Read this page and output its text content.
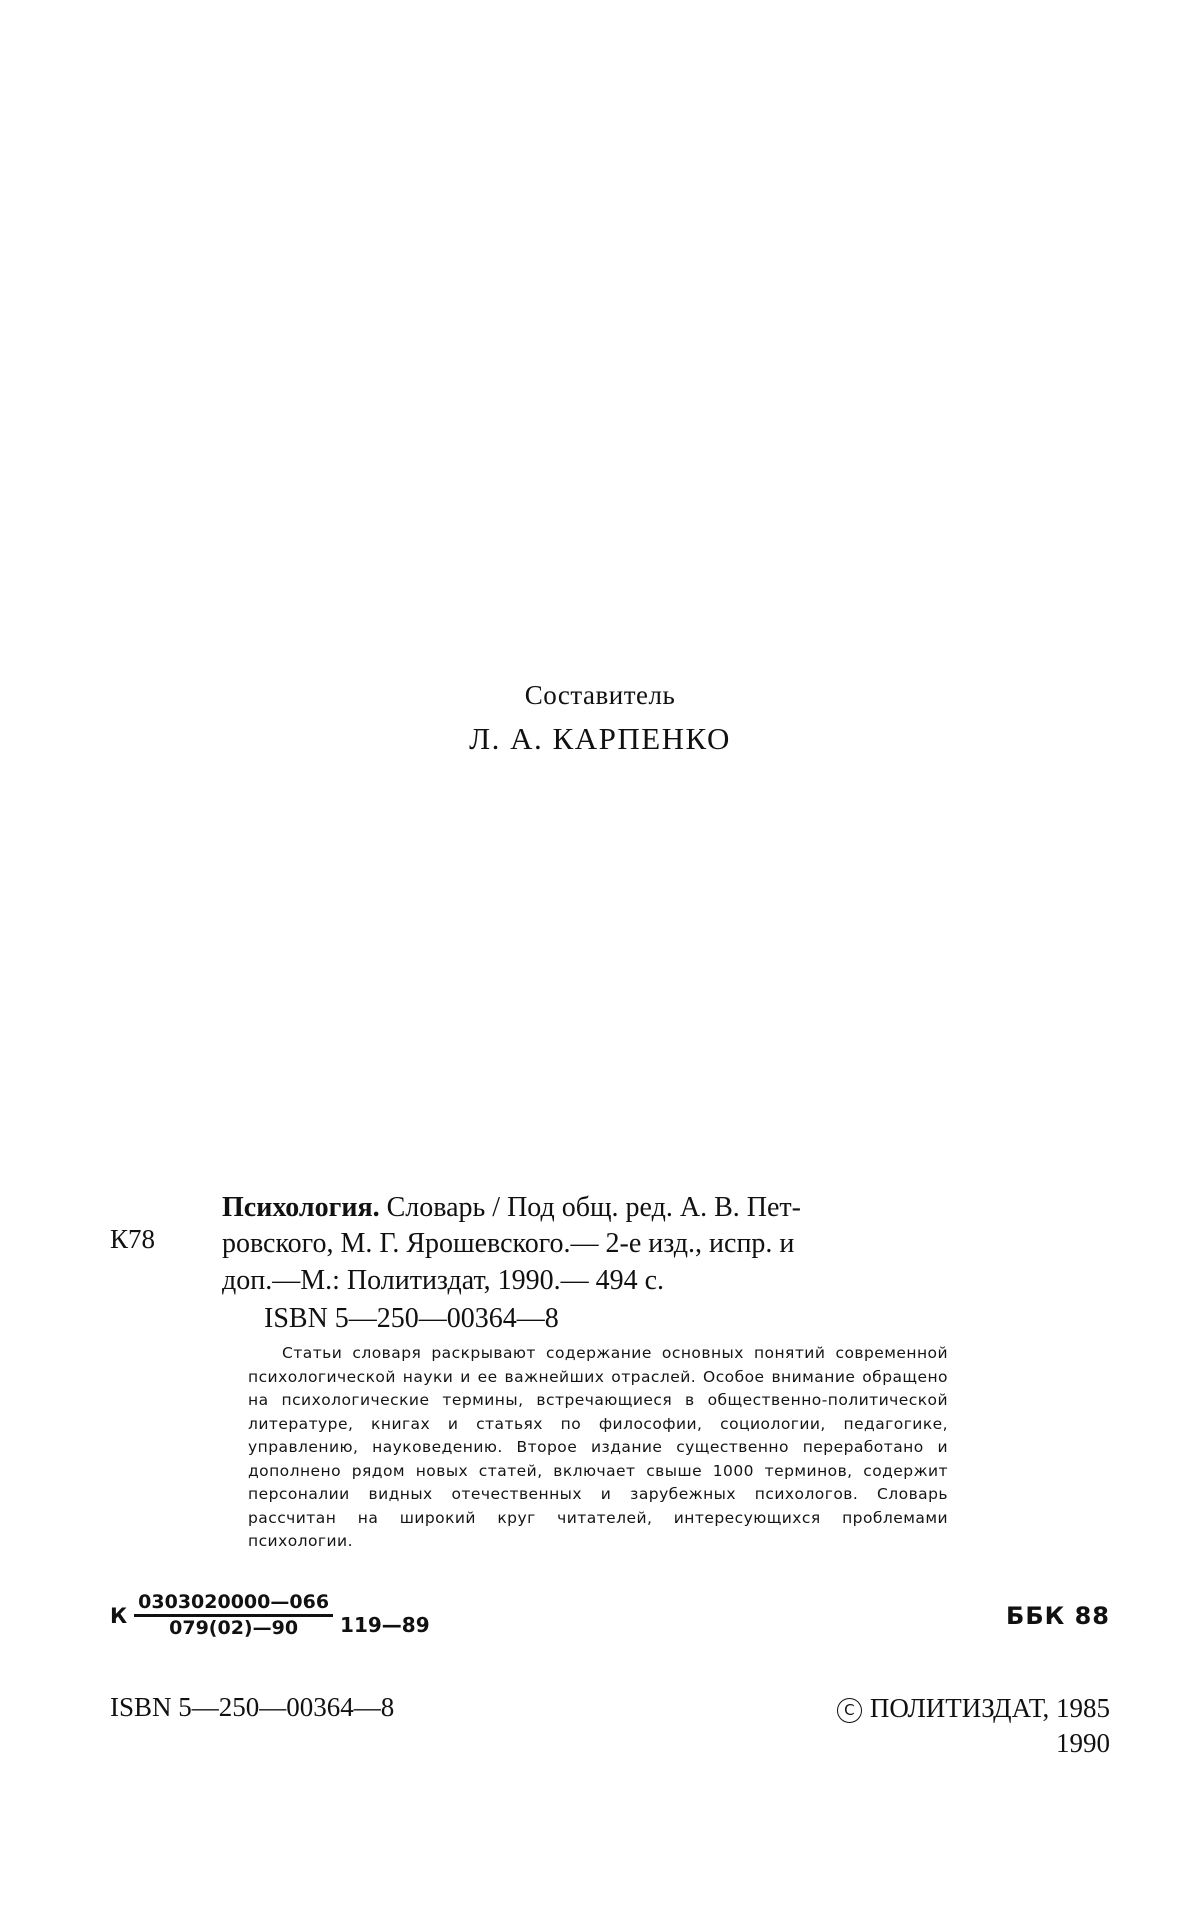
Составитель
Л. А. КАРПЕНКО
К78
Психология. Словарь / Под общ. ред. А. В. Пет-
ровского, М. Г. Ярошевского.— 2-е изд., испр. и
доп.—М.: Политиздат, 1990.— 494 с.
ISBN 5—250—00364—8
Статьи словаря раскрывают содержание основных понятий современной психологической науки и ее важнейших отраслей. Особое внимание обращено на психологические термины, встречающиеся в общественно-политической литературе, книгах и статьях по философии, социологии, педагогике, управлению, науковедению. Второе издание существенно переработано и дополнено рядом новых статей, включает свыше 1000 терминов, содержит персоналии видных отечественных и зарубежных психологов. Словарь рассчитан на широкий круг читателей, интересующихся проблемами психологии.
К $\frac{0303020000—066}{079(02)—90}$ 119—89	ББК 88
ISBN 5—250—00364—8	C ПОЛИТИЗДАТ, 1985
1990
